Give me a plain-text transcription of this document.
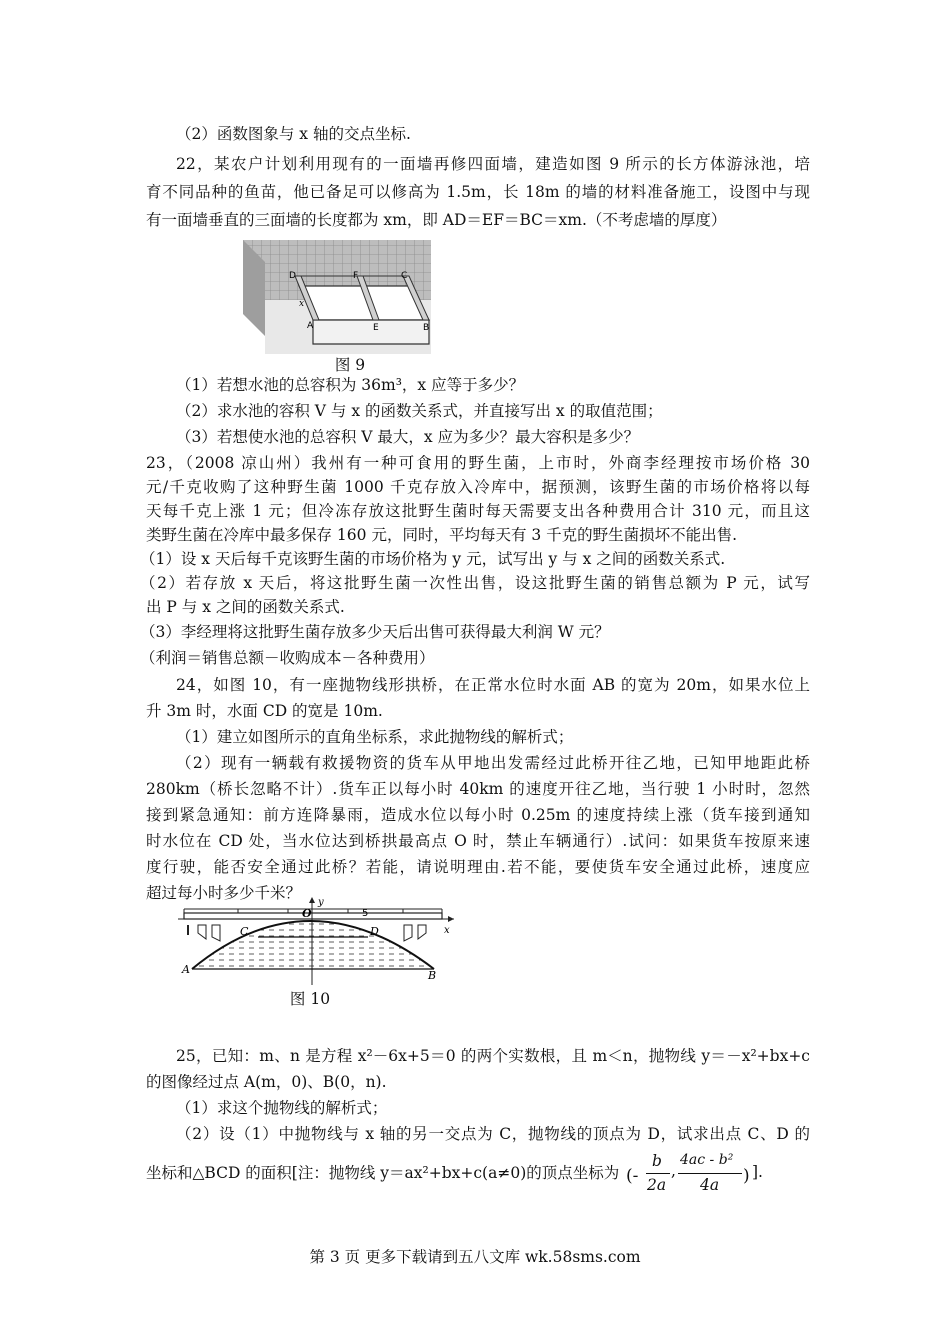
（2）函数图象与 x 轴的交点坐标.
22，某农户计划利用现有的一面墙再修四面墙，建造如图 9 所示的长方体游泳池，培
育不同品种的鱼苗，他已备足可以修高为 1.5m，长 18m 的墙的材料准备施工，设图中与现
有一面墙垂直的三面墙的长度都为 xm，即 AD＝EF＝BC＝xm.（不考虑墙的厚度）
D	F	C
x
A	E	B
图 9
（1）若想水池的总容积为 36m³，x 应等于多少？
（2）求水池的容积 V 与 x 的函数关系式，并直接写出 x 的取值范围；
（3）若想使水池的总容积 V 最大，x 应为多少？最大容积是多少？
23，（2008 凉山州）我州有一种可食用的野生菌，上市时，外商李经理按市场价格 30
元/千克收购了这种野生菌 1000 千克存放入冷库中，据预测，该野生菌的市场价格将以每
天每千克上涨 1 元；但冷冻存放这批野生菌时每天需要支出各种费用合计 310 元，而且这
类野生菌在冷库中最多保存 160 元，同时，平均每天有 3 千克的野生菌损坏不能出售.
（1）设 x 天后每千克该野生菌的市场价格为 y 元，试写出 y 与 x 之间的函数关系式.
（2）若存放 x 天后，将这批野生菌一次性出售，设这批野生菌的销售总额为 P 元，试写
出 P 与 x 之间的函数关系式.
（3）李经理将这批野生菌存放多少天后出售可获得最大利润 W 元？
（利润＝销售总额－收购成本－各种费用）
24，如图 10，有一座抛物线形拱桥，在正常水位时水面 AB 的宽为 20m，如果水位上
升 3m 时，水面 CD 的宽是 10m.
（1）建立如图所示的直角坐标系，求此抛物线的解析式；
（2）现有一辆载有救援物资的货车从甲地出发需经过此桥开往乙地，已知甲地距此桥
280km（桥长忽略不计）.货车正以每小时 40km 的速度开往乙地，当行驶 1 小时时，忽然
接到紧急通知：前方连降暴雨，造成水位以每小时 0.25m 的速度持续上涨（货车接到通知
时水位在 CD 处，当水位达到桥拱最高点 O 时，禁止车辆通行）.试问：如果货车按原来速
度行驶，能否安全通过此桥？若能，请说明理由.若不能，要使货车安全通过此桥，速度应
超过每小时多少千米？
y
O	5
C	D	x
A	B
图 10
25，已知：m、n 是方程 x²－6x+5＝0 的两个实数根，且 m＜n，抛物线 y＝－x²+bx+c
的图像经过点 A(m，0)、B(0，n).
（1）求这个抛物线的解析式；
（2）设（1）中抛物线与 x 轴的另一交点为 C，抛物线的顶点为 D，试求出点 C、D 的
坐标和△BCD 的面积[注：抛物线 y＝ax²+bx+c(a≠0)的顶点坐标为 (-
b
2a
,
4ac - b²
4a ) ].
第 3 页 更多下载请到五八文库 wk.58sms.com
